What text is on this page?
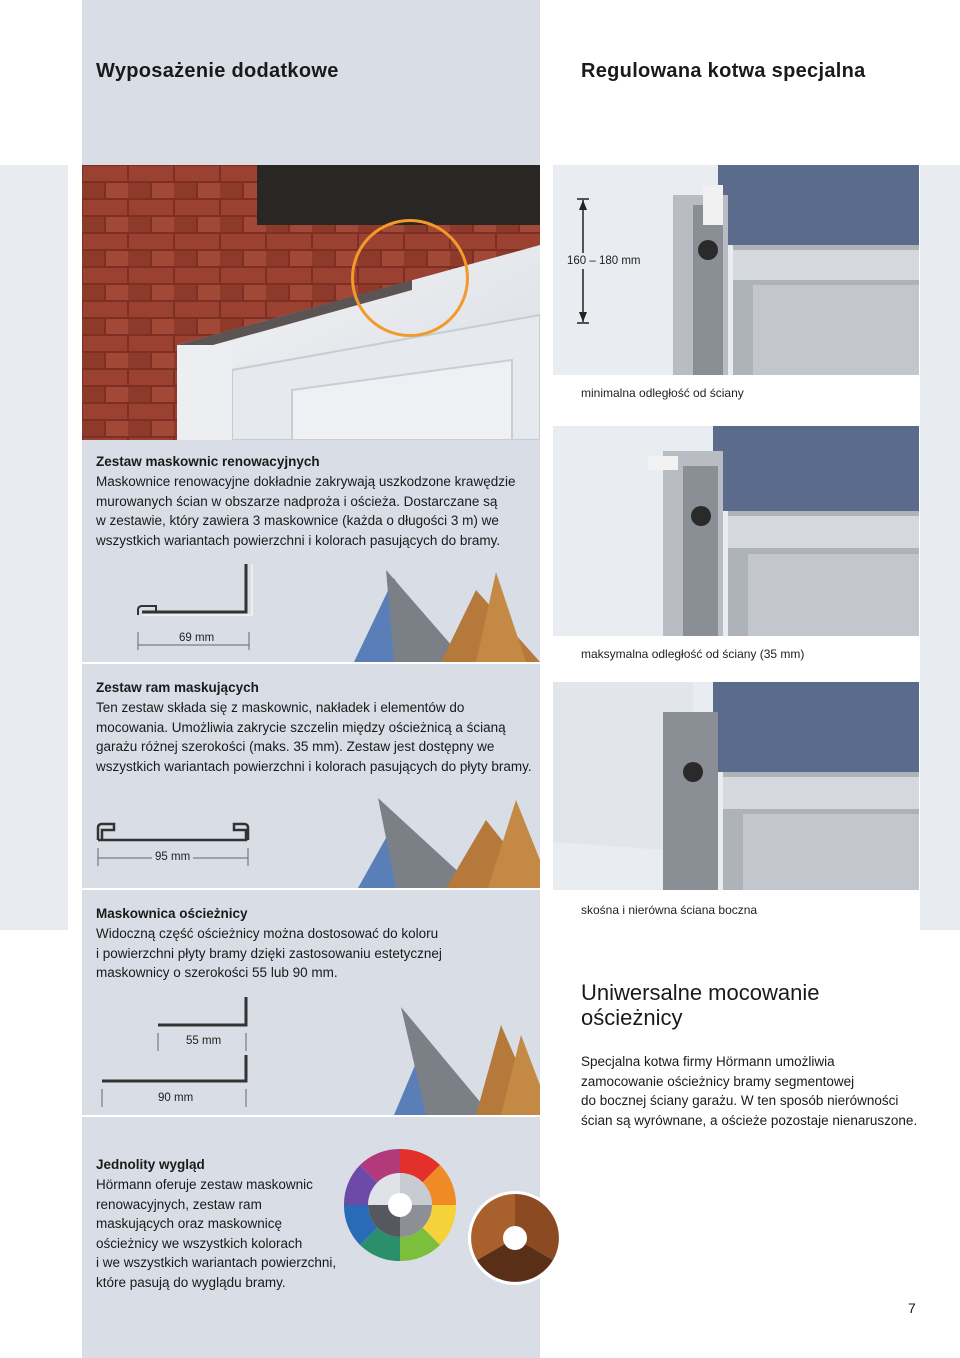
Wyposażenie dodatkowe	Regulowana kotwa specjalna

Zestaw maskownic renowacyjnych

Maskownice renowacyjne dokładnie zakrywają uszkodzone krawędzie

murowanych ścian w obszarze nadproża i ościeża. Dostarczane są

w zestawie, który zawiera 3 maskownice (każda o długości 3 m) we

wszystkich wariantach powierzchni i kolorach pasujących do bramy.

69 mm

Zestaw ram maskujących

Ten zestaw składa się z maskownic, nakładek i elementów do

mocowania. Umożliwia zakrycie szczelin między ościeżnicą a ścianą

garażu różnej szerokości (maks. 35 mm). Zestaw jest dostępny we

wszystkich wariantach powierzchni i kolorach pasujących do płyty bramy.

95 mm

Maskownica ościeżnicy

Widoczną część ościeżnicy można dostosować do koloru

i powierzchni płyty bramy dzięki zastosowaniu estetycznej

maskownicy o szerokości 55 lub 90 mm.

55 mm
90 mm

Jednolity wygląd

Hörmann oferuje zestaw maskownic

renowacyjnych, zestaw ram

maskujących oraz maskownicę

ościeżnicy we wszystkich kolorach

i we wszystkich wariantach powierzchni,

które pasują do wyglądu bramy.

160 – 180 mm
minimalna odległość od ściany
maksymalna odległość od ściany (35 mm)
skośna i nierówna ściana boczna

Uniwersalne mocowanie

ościeżnicy

Specjalna kotwa firmy Hörmann umożliwia

zamocowanie ościeżnicy bramy segmentowej

do bocznej ściany garażu. W ten sposób nierówności

ścian są wyrównane, a ościeże pozostaje nienaruszone.

7
